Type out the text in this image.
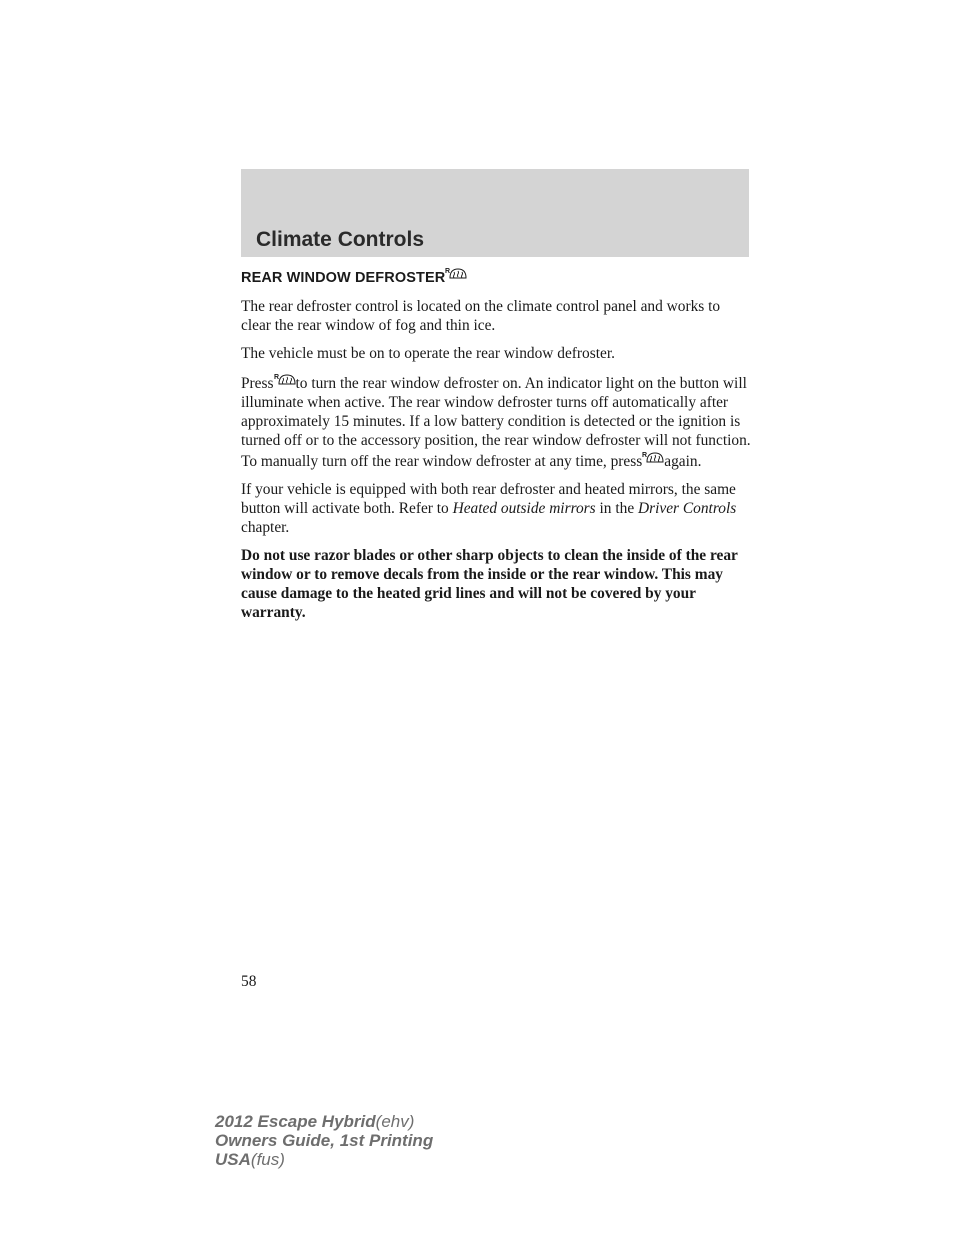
Climate Controls
REAR WINDOW DEFROSTER R

The rear defroster control is located on the climate control panel and works to clear the rear window of fog and thin ice.

The vehicle must be on to operate the rear window defroster.

Press R to turn the rear window defroster on. An indicator light on the button will illuminate when active. The rear window defroster turns off automatically after approximately 15 minutes. If a low battery condition is detected or the ignition is turned off or to the accessory position, the rear window defroster will not function. To manually turn off the rear window defroster at any time, press R again.

If your vehicle is equipped with both rear defroster and heated mirrors, the same button will activate both. Refer to Heated outside mirrors in the Driver Controls chapter.

Do not use razor blades or other sharp objects to clean the inside of the rear window or to remove decals from the inside or the rear window. This may cause damage to the heated grid lines and will not be covered by your warranty.

58
2012 Escape Hybrid(ehv)
Owners Guide, 1st Printing
USA(fus)
